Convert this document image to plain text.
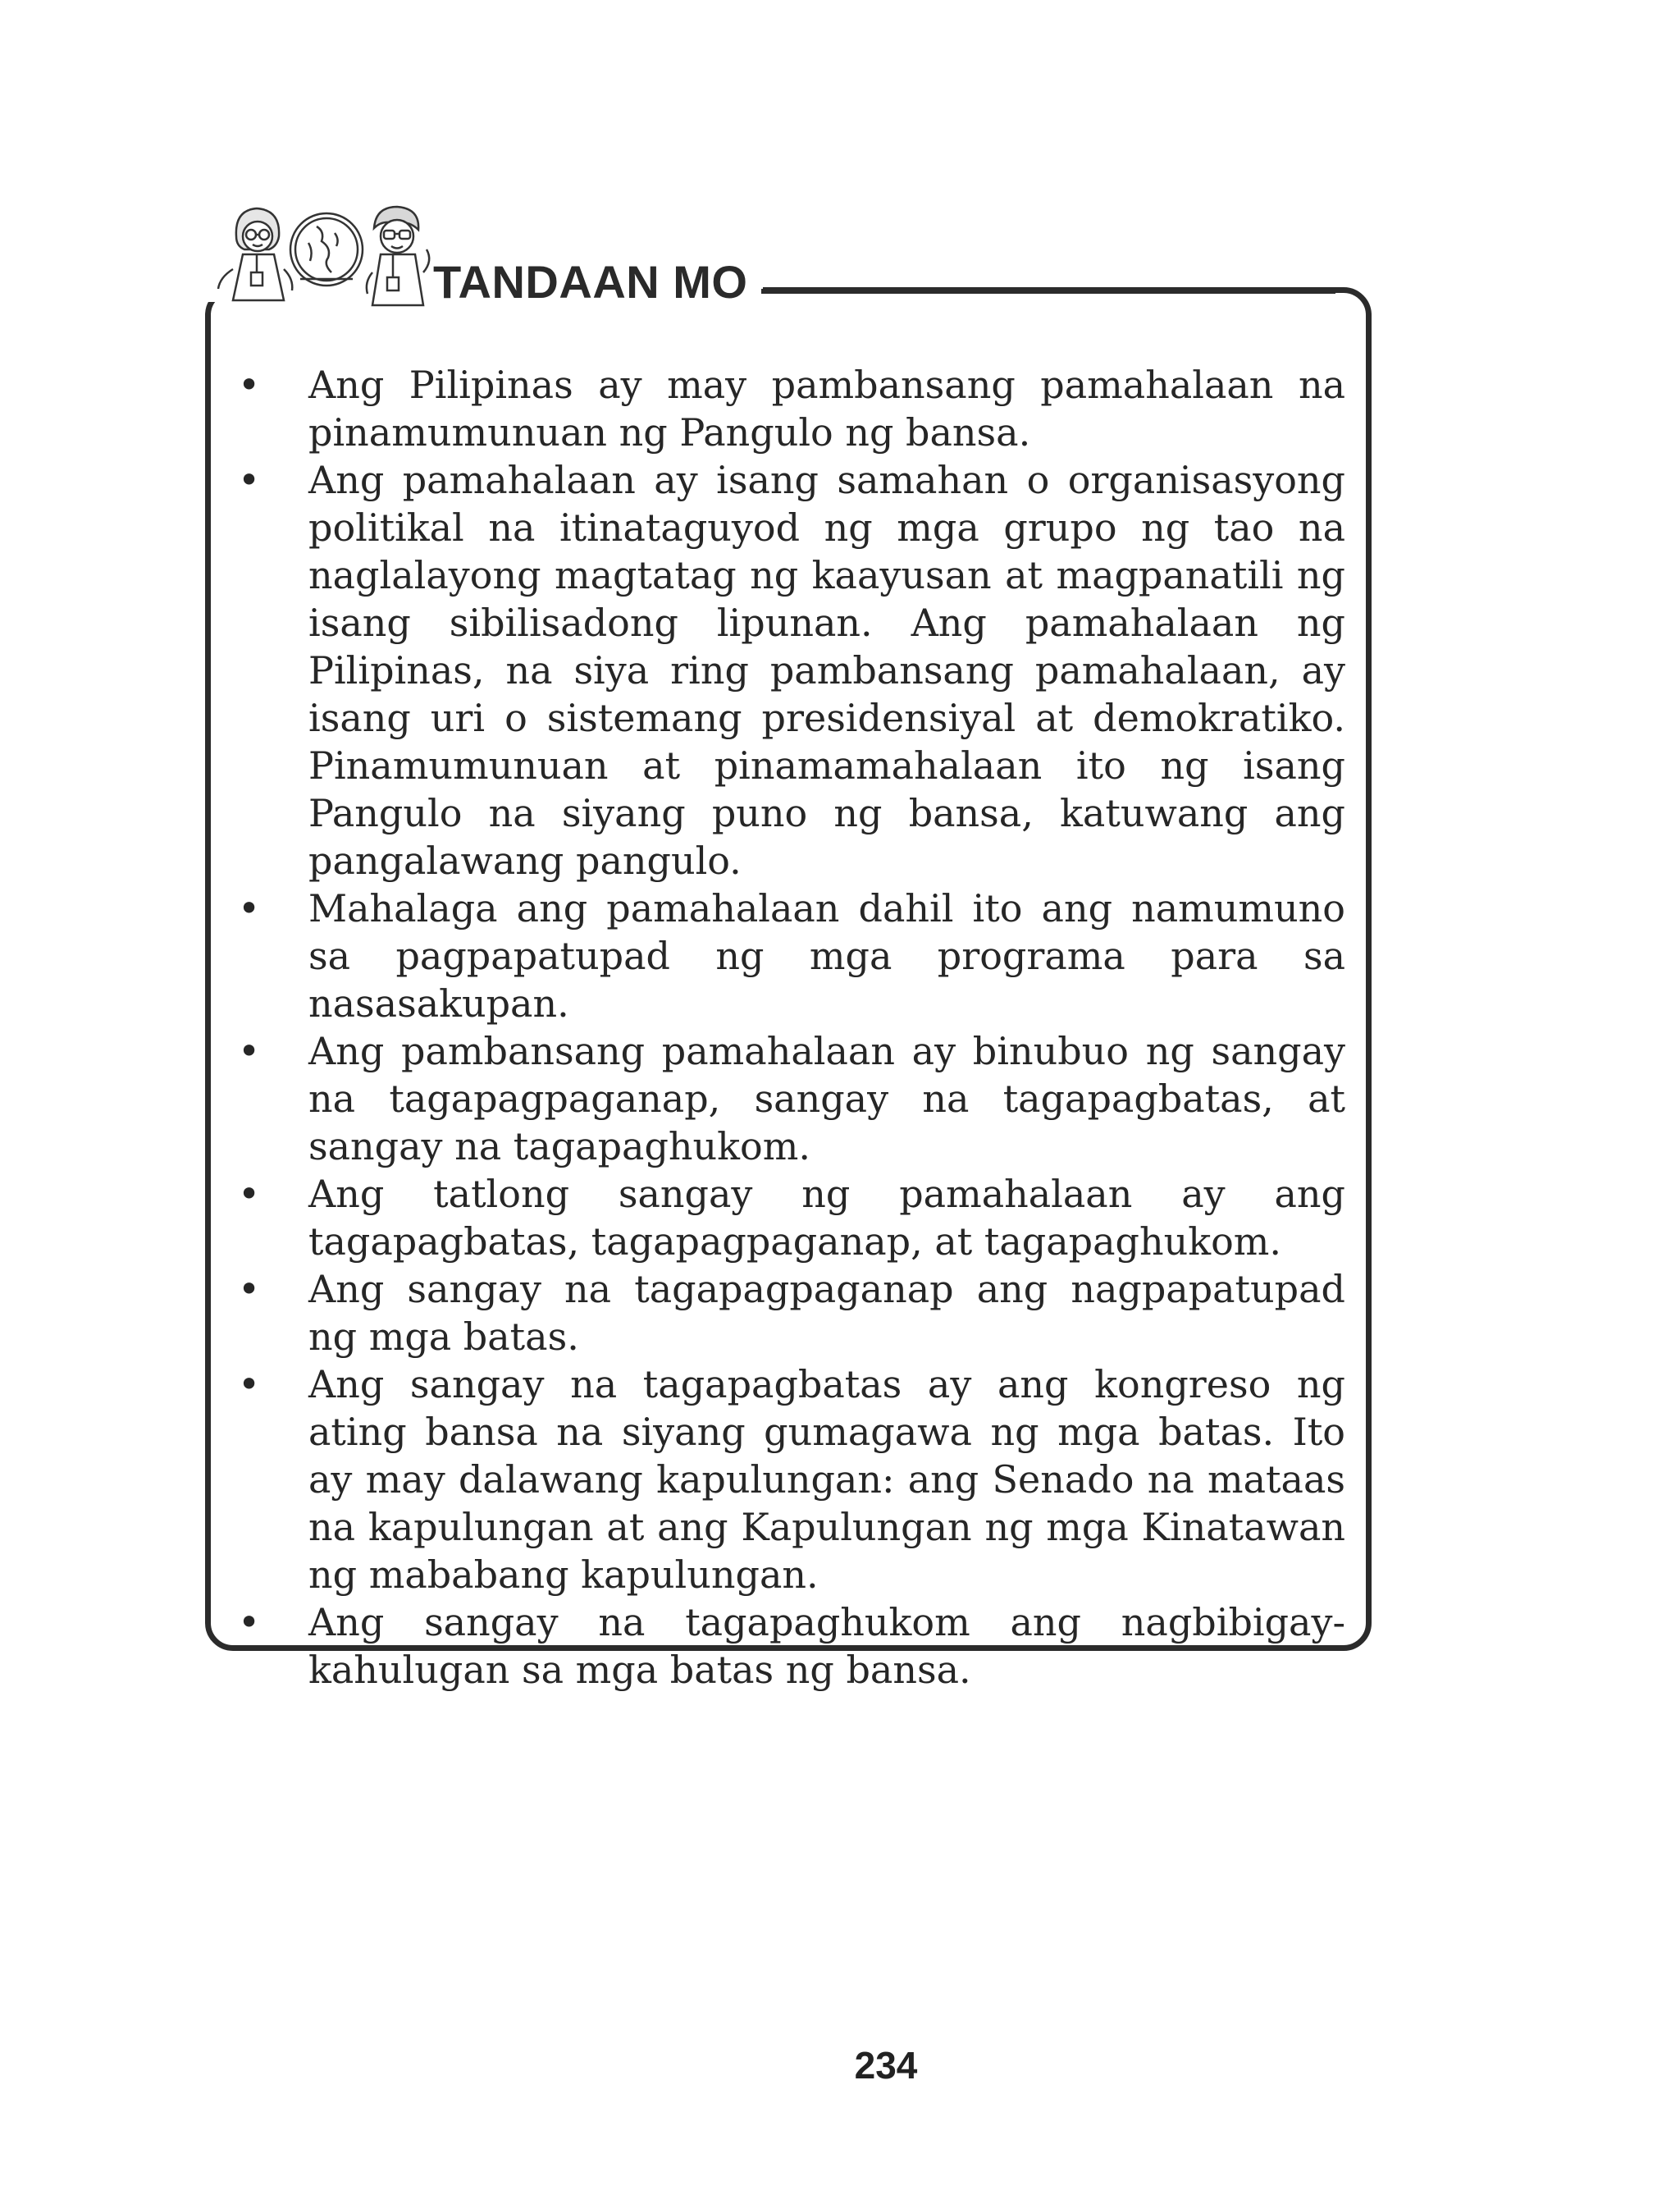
TANDAAN MO
• Ang Pilipinas ay may pambansang pamahalaan na pinamumunuan ng Pangulo ng bansa.
• Ang pamahalaan ay isang samahan o organisasyong politikal na itinataguyod ng mga grupo ng tao na naglalayong magtatag ng kaayusan at magpanatili ng isang sibilisadong lipunan. Ang pamahalaan ng Pilipinas, na siya ring pambansang pamahalaan, ay isang uri o sistemang presidensiyal at demokratiko. Pinamumunuan at pinamamahalaan ito ng isang Pangulo na siyang puno ng bansa, katuwang ang pangalawang pangulo.
• Mahalaga ang pamahalaan dahil ito ang namumuno sa pagpapatupad ng mga programa para sa nasasakupan.
• Ang pambansang pamahalaan ay binubuo ng sangay na tagapagpaganap, sangay na tagapagbatas, at sangay na tagapaghukom.
• Ang tatlong sangay ng pamahalaan ay ang tagapagbatas, tagapagpaganap, at tagapaghukom.
• Ang sangay na tagapagpaganap ang nagpapatupad ng mga batas.
• Ang sangay na tagapagbatas ay ang kongreso ng ating bansa na siyang gumagawa ng mga batas. Ito ay may dalawang kapulungan: ang Senado na mataas na kapulungan at ang Kapulungan ng mga Kinatawan ng mababang kapulungan.
• Ang sangay na tagapaghukom ang nagbibigay-kahulugan sa mga batas ng bansa.
234
